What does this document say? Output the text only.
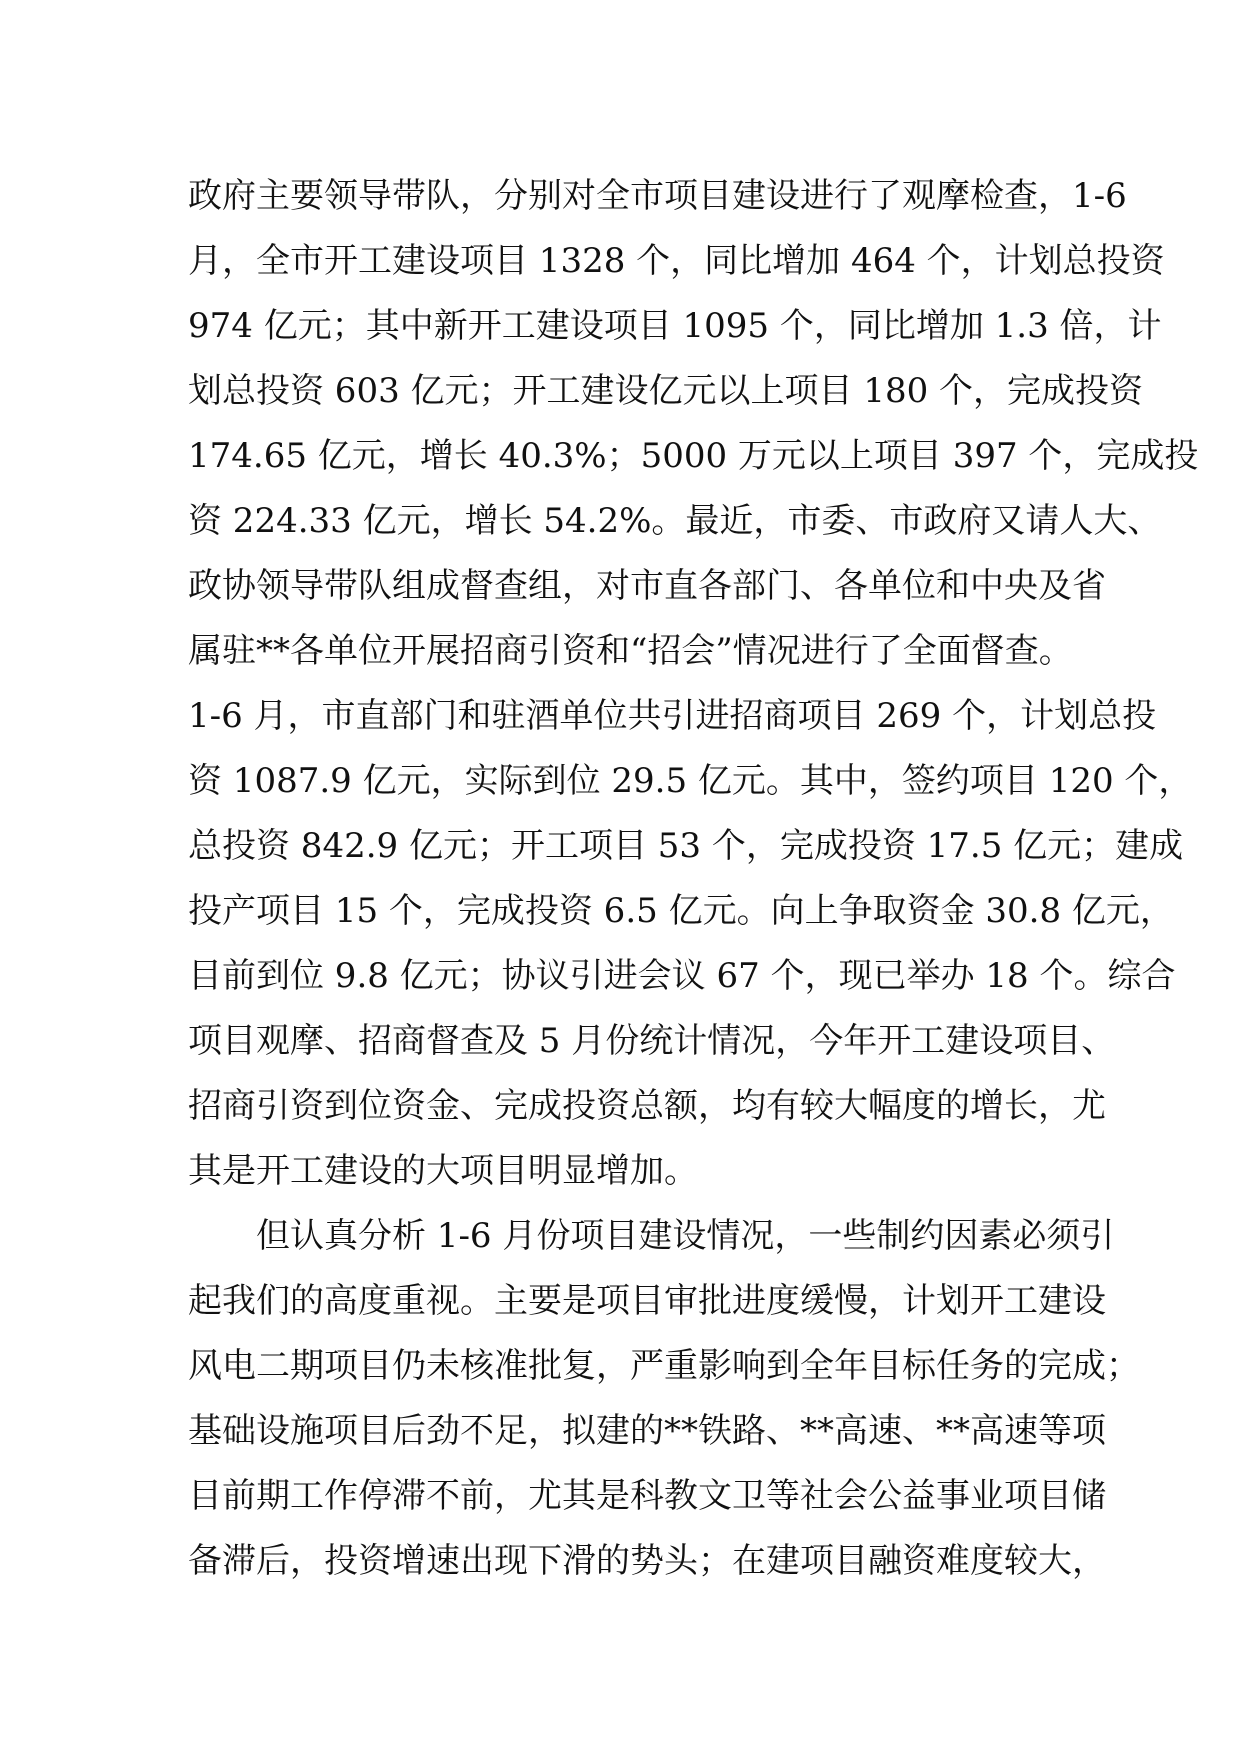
政府主要领导带队，分别对全市项目建设进行了观摩检查，1-6
月，全市开工建设项目 1328 个，同比增加 464 个，计划总投资
974 亿元；其中新开工建设项目 1095 个，同比增加 1.3 倍，计
划总投资 603 亿元；开工建设亿元以上项目 180 个，完成投资
174.65 亿元，增长 40.3%；5000 万元以上项目 397 个，完成投
资 224.33 亿元，增长 54.2%。最近，市委、市政府又请人大、
政协领导带队组成督查组，对市直各部门、各单位和中央及省
属驻**各单位开展招商引资和“招会”情况进行了全面督查。
1-6 月，市直部门和驻酒单位共引进招商项目 269 个，计划总投
资 1087.9 亿元，实际到位 29.5 亿元。其中，签约项目 120 个，
总投资 842.9 亿元；开工项目 53 个，完成投资 17.5 亿元；建成
投产项目 15 个，完成投资 6.5 亿元。向上争取资金 30.8 亿元，
目前到位 9.8 亿元；协议引进会议 67 个，现已举办 18 个。综合
项目观摩、招商督查及 5 月份统计情况，今年开工建设项目、
招商引资到位资金、完成投资总额，均有较大幅度的增长，尤
其是开工建设的大项目明显增加。
但认真分析 1-6 月份项目建设情况，一些制约因素必须引
起我们的高度重视。主要是项目审批进度缓慢，计划开工建设
风电二期项目仍未核准批复，严重影响到全年目标任务的完成；
基础设施项目后劲不足，拟建的**铁路、**高速、**高速等项
目前期工作停滞不前，尤其是科教文卫等社会公益事业项目储
备滞后，投资增速出现下滑的势头；在建项目融资难度较大，
